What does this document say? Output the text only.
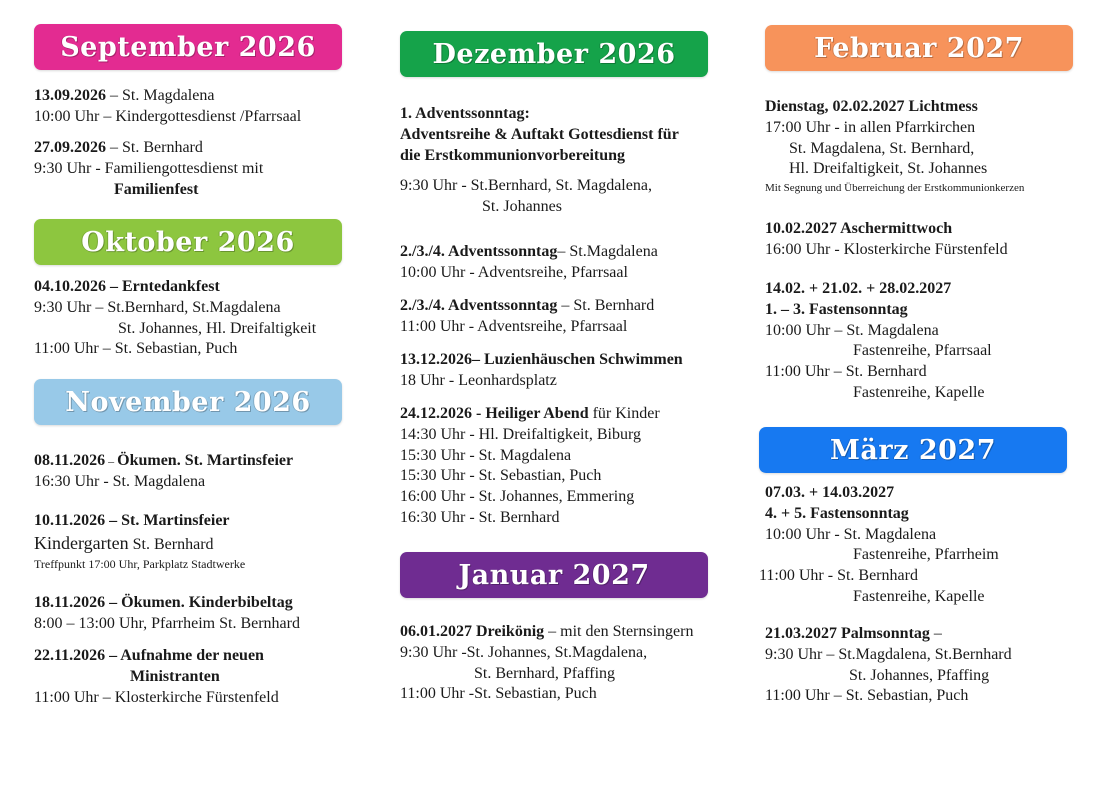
September 2026
13.09.2026 – St. Magdalena
10:00 Uhr – Kindergottesdienst /Pfarrsaal
27.09.2026 – St. Bernhard
9:30 Uhr - Familiengottesdienst mit
Familienfest
Oktober 2026
04.10.2026 – Erntedankfest
9:30 Uhr – St.Bernhard, St.Magdalena
St. Johannes, Hl. Dreifaltigkeit
11:00 Uhr – St. Sebastian, Puch
November 2026
08.11.2026 – Ökumen. St. Martinsfeier
16:30 Uhr - St. Magdalena
10.11.2026 – St. Martinsfeier
Kindergarten St. Bernhard
Treffpunkt 17:00 Uhr, Parkplatz Stadtwerke
18.11.2026 – Ökumen. Kinderbibeltag
8:00 – 13:00 Uhr, Pfarrheim St. Bernhard
22.11.2026 – Aufnahme der neuen
Ministranten
11:00 Uhr – Klosterkirche Fürstenfeld
Dezember 2026
1. Adventssonntag:
Adventsreihe & Auftakt Gottesdienst für
die Erstkommunionvorbereitung
9:30 Uhr - St.Bernhard, St. Magdalena,
St. Johannes
2./3./4. Adventssonntag– St.Magdalena
10:00 Uhr - Adventsreihe, Pfarrsaal
2./3./4. Adventssonntag – St. Bernhard
11:00 Uhr - Adventsreihe, Pfarrsaal
13.12.2026– Luzienhäuschen Schwimmen
18 Uhr - Leonhardsplatz
24.12.2026 - Heiliger Abend für Kinder
14:30 Uhr - Hl. Dreifaltigkeit, Biburg
15:30 Uhr - St. Magdalena
15:30 Uhr - St. Sebastian, Puch
16:00 Uhr - St. Johannes, Emmering
16:30 Uhr - St. Bernhard
Januar 2027
06.01.2027 Dreikönig – mit den Sternsingern
9:30 Uhr -St. Johannes, St.Magdalena,
St. Bernhard, Pfaffing
11:00 Uhr -St. Sebastian, Puch
Februar 2027
Dienstag, 02.02.2027 Lichtmess
17:00 Uhr - in allen Pfarrkirchen
St. Magdalena, St. Bernhard,
Hl. Dreifaltigkeit, St. Johannes
Mit Segnung und Überreichung der Erstkommunionkerzen
10.02.2027 Aschermittwoch
16:00 Uhr - Klosterkirche Fürstenfeld
14.02. + 21.02. + 28.02.2027
1. – 3. Fastensonntag
10:00 Uhr – St. Magdalena
Fastenreihe, Pfarrsaal
11:00 Uhr – St. Bernhard
Fastenreihe, Kapelle
März 2027
07.03. + 14.03.2027
4. + 5. Fastensonntag
10:00 Uhr - St. Magdalena
Fastenreihe, Pfarrheim
11:00 Uhr - St. Bernhard
Fastenreihe, Kapelle
21.03.2027 Palmsonntag –
9:30 Uhr – St.Magdalena, St.Bernhard
St. Johannes, Pfaffing
11:00 Uhr – St. Sebastian, Puch
